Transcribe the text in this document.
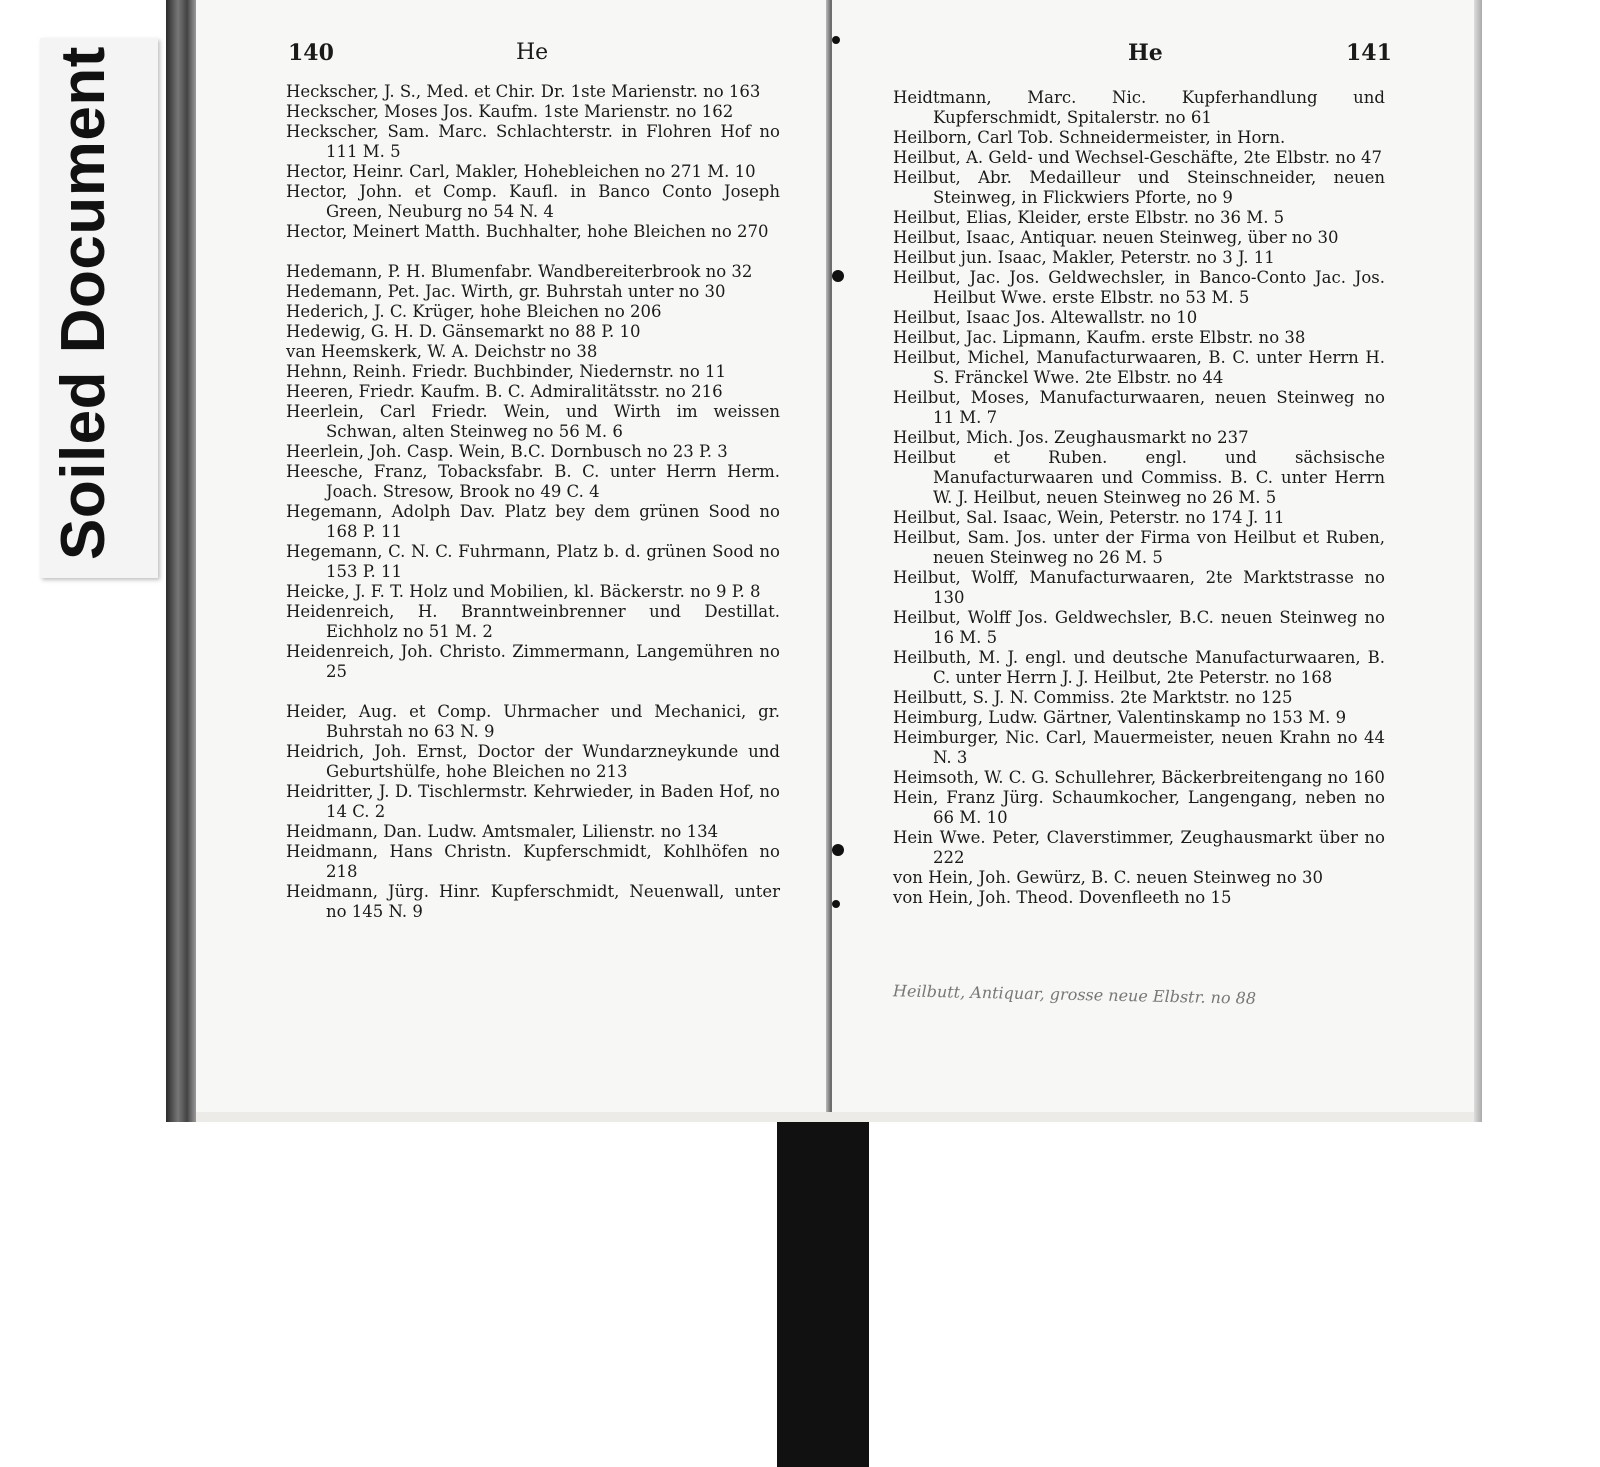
Soiled Document	140	He	He	141
Heckscher, J. S., Med. et Chir. Dr. 1ste Marienstr. no 163
Heckscher, Moses Jos. Kaufm. 1ste Marienstr. no 162
Heckscher, Sam. Marc. Schlachterstr. in Flohren Hof no 111 M. 5
Hector, Heinr. Carl, Makler, Hohebleichen no 271 M. 10
Hector, John. et Comp. Kaufl. in Banco Conto Joseph Green, Neuburg no 54 N. 4
Hector, Meinert Matth. Buchhalter, hohe Bleichen no 270
Hedemann, P. H. Blumenfabr. Wandbereiterbrook no 32
Hedemann, Pet. Jac. Wirth, gr. Buhrstah unter no 30
Hederich, J. C. Krüger, hohe Bleichen no 206
Hedewig, G. H. D. Gänsemarkt no 88 P. 10
van Heemskerk, W. A. Deichstr no 38
Hehnn, Reinh. Friedr. Buchbinder, Niedernstr. no 11
Heeren, Friedr. Kaufm. B. C. Admiralitätsstr. no 216
Heerlein, Carl Friedr. Wein, und Wirth im weissen Schwan, alten Steinweg no 56 M. 6
Heerlein, Joh. Casp. Wein, B.C. Dornbusch no 23 P. 3
Heesche, Franz, Tobacksfabr. B. C. unter Herrn Herm. Joach. Stresow, Brook no 49 C. 4
Hegemann, Adolph Dav. Platz bey dem grünen Sood no 168 P. 11
Hegemann, C. N. C. Fuhrmann, Platz b. d. grünen Sood no 153 P. 11
Heicke, J. F. T. Holz und Mobilien, kl. Bäckerstr. no 9 P. 8
Heidenreich, H. Branntweinbrenner und Destillat. Eichholz no 51 M. 2
Heidenreich, Joh. Christo. Zimmermann, Langemühren no 25
Heider, Aug. et Comp. Uhrmacher und Mechanici, gr. Buhrstah no 63 N. 9
Heidrich, Joh. Ernst, Doctor der Wundarzneykunde und Geburtshülfe, hohe Bleichen no 213
Heidritter, J. D. Tischlermstr. Kehrwieder, in Baden Hof, no 14 C. 2
Heidmann, Dan. Ludw. Amtsmaler, Lilienstr. no 134
Heidmann, Hans Christn. Kupferschmidt, Kohlhöfen no 218
Heidmann, Jürg. Hinr. Kupferschmidt, Neuenwall, unter no 145 N. 9
Heidtmann, Marc. Nic. Kupferhandlung und Kupferschmidt, Spitalerstr. no 61
Heilborn, Carl Tob. Schneidermeister, in Horn.
Heilbut, A. Geld- und Wechsel-Geschäfte, 2te Elbstr. no 47
Heilbut, Abr. Medailleur und Steinschneider, neuen Steinweg, in Flickwiers Pforte, no 9
Heilbut, Elias, Kleider, erste Elbstr. no 36 M. 5
Heilbut, Isaac, Antiquar. neuen Steinweg, über no 30
Heilbut jun. Isaac, Makler, Peterstr. no 3 J. 11
Heilbut, Jac. Jos. Geldwechsler, in Banco-Conto Jac. Jos. Heilbut Wwe. erste Elbstr. no 53 M. 5
Heilbut, Isaac Jos. Altewallstr. no 10
Heilbut, Jac. Lipmann, Kaufm. erste Elbstr. no 38
Heilbut, Michel, Manufacturwaaren, B. C. unter Herrn H. S. Fränckel Wwe. 2te Elbstr. no 44
Heilbut, Moses, Manufacturwaaren, neuen Steinweg no 11 M. 7
Heilbut, Mich. Jos. Zeughausmarkt no 237
Heilbut et Ruben. engl. und sächsische Manufacturwaaren und Commiss. B. C. unter Herrn W. J. Heilbut, neuen Steinweg no 26 M. 5
Heilbut, Sal. Isaac, Wein, Peterstr. no 174 J. 11
Heilbut, Sam. Jos. unter der Firma von Heilbut et Ruben, neuen Steinweg no 26 M. 5
Heilbut, Wolff, Manufacturwaaren, 2te Marktstrasse no 130
Heilbut, Wolff Jos. Geldwechsler, B.C. neuen Steinweg no 16 M. 5
Heilbuth, M. J. engl. und deutsche Manufacturwaaren, B. C. unter Herrn J. J. Heilbut, 2te Peterstr. no 168
Heilbutt, S. J. N. Commiss. 2te Marktstr. no 125
Heimburg, Ludw. Gärtner, Valentinskamp no 153 M. 9
Heimburger, Nic. Carl, Mauermeister, neuen Krahn no 44 N. 3
Heimsoth, W. C. G. Schullehrer, Bäckerbreitengang no 160
Hein, Franz Jürg. Schaumkocher, Langengang, neben no 66 M. 10
Hein Wwe. Peter, Claverstimmer, Zeughausmarkt über no 222
von Hein, Joh. Gewürz, B. C. neuen Steinweg no 30
von Hein, Joh. Theod. Dovenfleeth no 15
Heilbutt, Antiquar, grosse neue Elbstr. no 88
